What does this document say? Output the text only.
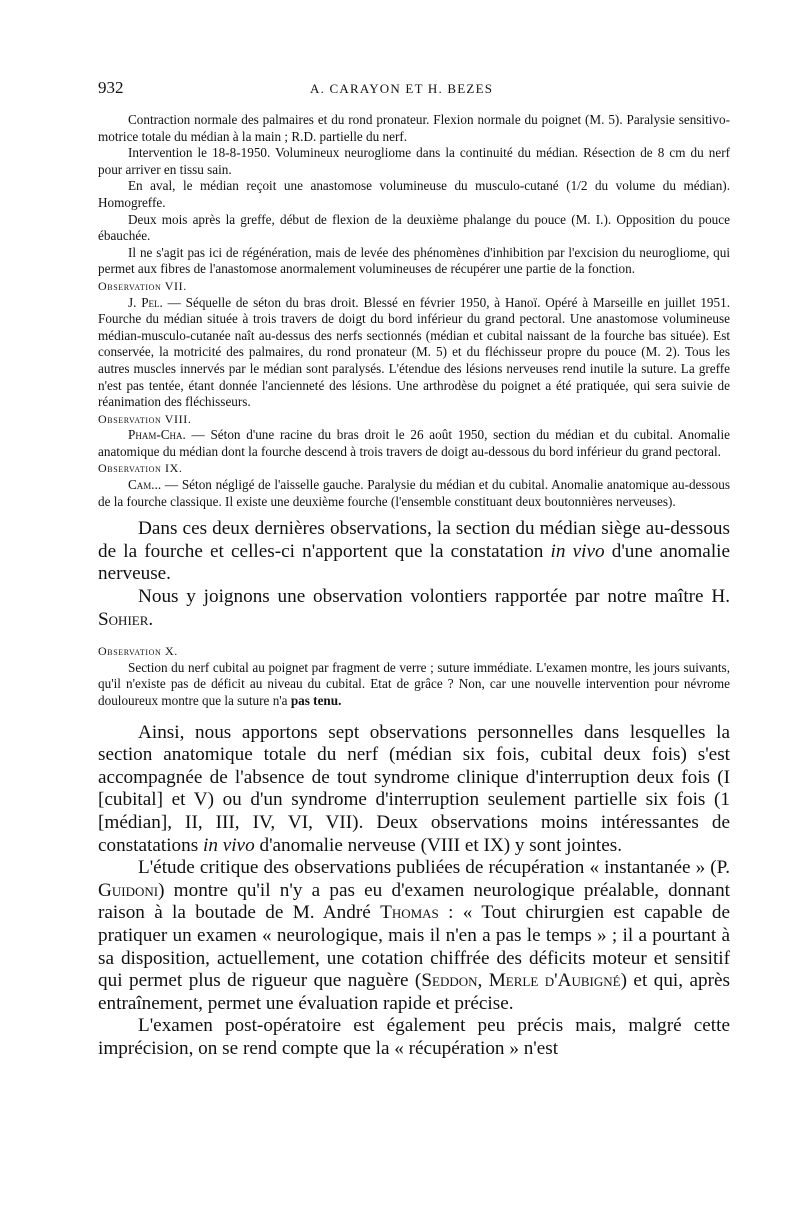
932	A. CARAYON ET H. BEZES

Contraction normale des palmaires et du rond pronateur. Flexion normale du poignet (M. 5). Paralysie sensitivo-motrice totale du médian à la main ; R.D. partielle du nerf.

Intervention le 18-8-1950. Volumineux neurogliome dans la continuité du médian. Résection de 8 cm du nerf pour arriver en tissu sain.

En aval, le médian reçoit une anastomose volumineuse du musculo-cutané (1/2 du volume du médian). Homogreffe.

Deux mois après la greffe, début de flexion de la deuxième phalange du pouce (M. I.). Opposition du pouce ébauchée.

Il ne s'agit pas ici de régénération, mais de levée des phénomènes d'inhibition par l'excision du neurogliome, qui permet aux fibres de l'anastomose anormalement volumineuses de récupérer une partie de la fonction.

Observation VII.

J. Pel. — Séquelle de séton du bras droit. Blessé en février 1950, à Hanoï. Opéré à Marseille en juillet 1951. Fourche du médian située à trois travers de doigt du bord inférieur du grand pectoral. Une anastomose volumineuse médian-musculo-cutanée naît au-dessus des nerfs sectionnés (médian et cubital naissant de la fourche bas située). Est conservée, la motricité des palmaires, du rond pronateur (M. 5) et du fléchisseur propre du pouce (M. 2). Tous les autres muscles innervés par le médian sont paralysés. L'étendue des lésions nerveuses rend inutile la suture. La greffe n'est pas tentée, étant donnée l'ancienneté des lésions. Une arthrodèse du poignet a été pratiquée, qui sera suivie de réanimation des fléchisseurs.

Observation VIII.

Pham-Cha. — Séton d'une racine du bras droit le 26 août 1950, section du médian et du cubital. Anomalie anatomique du médian dont la fourche descend à trois travers de doigt au-dessous du bord inférieur du grand pectoral.

Observation IX.

Cam... — Séton négligé de l'aisselle gauche. Paralysie du médian et du cubital. Anomalie anatomique au-dessous de la fourche classique. Il existe une deuxième fourche (l'ensemble constituant deux boutonnières nerveuses).

Dans ces deux dernières observations, la section du médian siège au-dessous de la fourche et celles-ci n'apportent que la constatation in vivo d'une anomalie nerveuse.

Nous y joignons une observation volontiers rapportée par notre maître H. Sohier.

Observation X.

Section du nerf cubital au poignet par fragment de verre ; suture immédiate. L'examen montre, les jours suivants, qu'il n'existe pas de déficit au niveau du cubital. Etat de grâce ? Non, car une nouvelle intervention pour névrome douloureux montre que la suture n'a pas tenu.

Ainsi, nous apportons sept observations personnelles dans lesquelles la section anatomique totale du nerf (médian six fois, cubital deux fois) s'est accompagnée de l'absence de tout syndrome clinique d'interruption deux fois (I [cubital] et V) ou d'un syndrome d'interruption seulement partielle six fois (1 [médian], II, III, IV, VI, VII). Deux observations moins intéressantes de constatations in vivo d'anomalie nerveuse (VIII et IX) y sont jointes.

L'étude critique des observations publiées de récupération « instantanée » (P. Guidoni) montre qu'il n'y a pas eu d'examen neurologique préalable, donnant raison à la boutade de M. André Thomas : « Tout chirurgien est capable de pratiquer un examen « neurologique, mais il n'en a pas le temps » ; il a pourtant à sa disposition, actuellement, une cotation chiffrée des déficits moteur et sensitif qui permet plus de rigueur que naguère (Seddon, Merle d'Aubigné) et qui, après entraînement, permet une évaluation rapide et précise.

L'examen post-opératoire est également peu précis mais, malgré cette imprécision, on se rend compte que la « récupération » n'est
